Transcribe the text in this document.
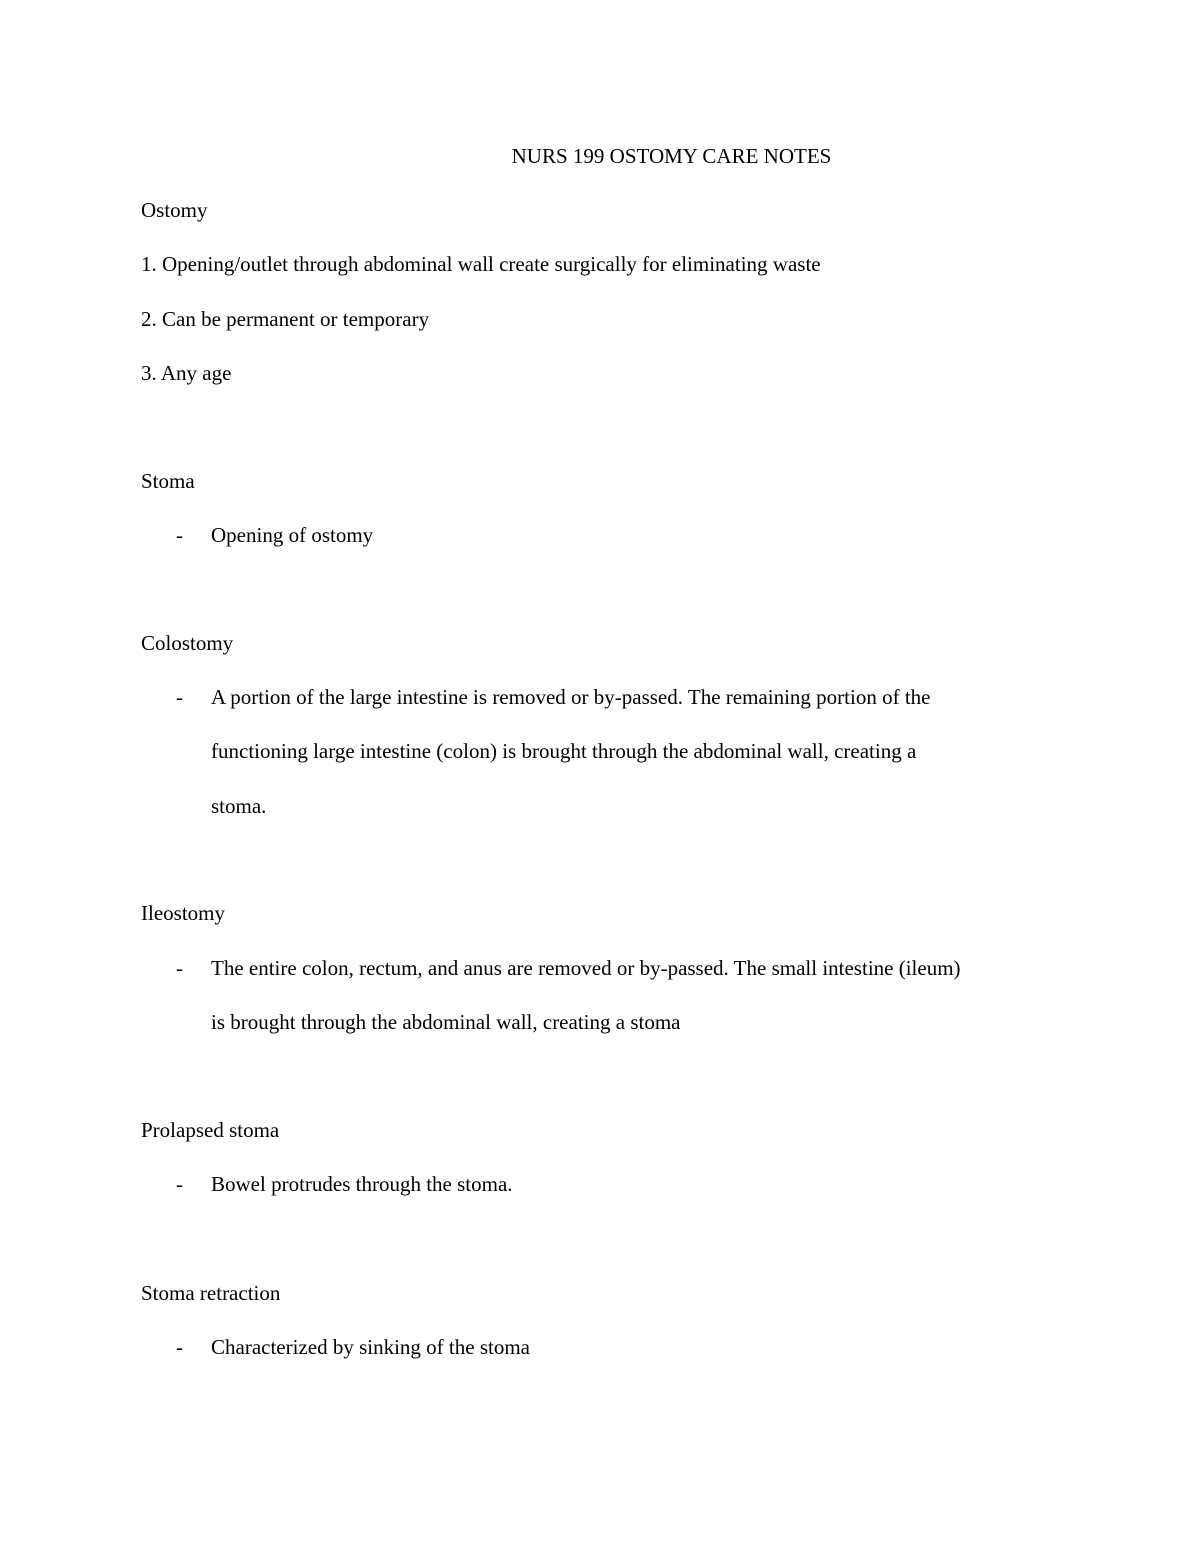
NURS 199 OSTOMY CARE NOTES
Ostomy
1. Opening/outlet through abdominal wall create surgically for eliminating waste
2. Can be permanent or temporary
3. Any age
Stoma
- Opening of ostomy
Colostomy
- A portion of the large intestine is removed or by-passed. The remaining portion of the
functioning large intestine (colon) is brought through the abdominal wall, creating a
stoma.
Ileostomy
- The entire colon, rectum, and anus are removed or by-passed. The small intestine (ileum)
is brought through the abdominal wall, creating a stoma
Prolapsed stoma
- Bowel protrudes through the stoma.
Stoma retraction
- Characterized by sinking of the stoma
